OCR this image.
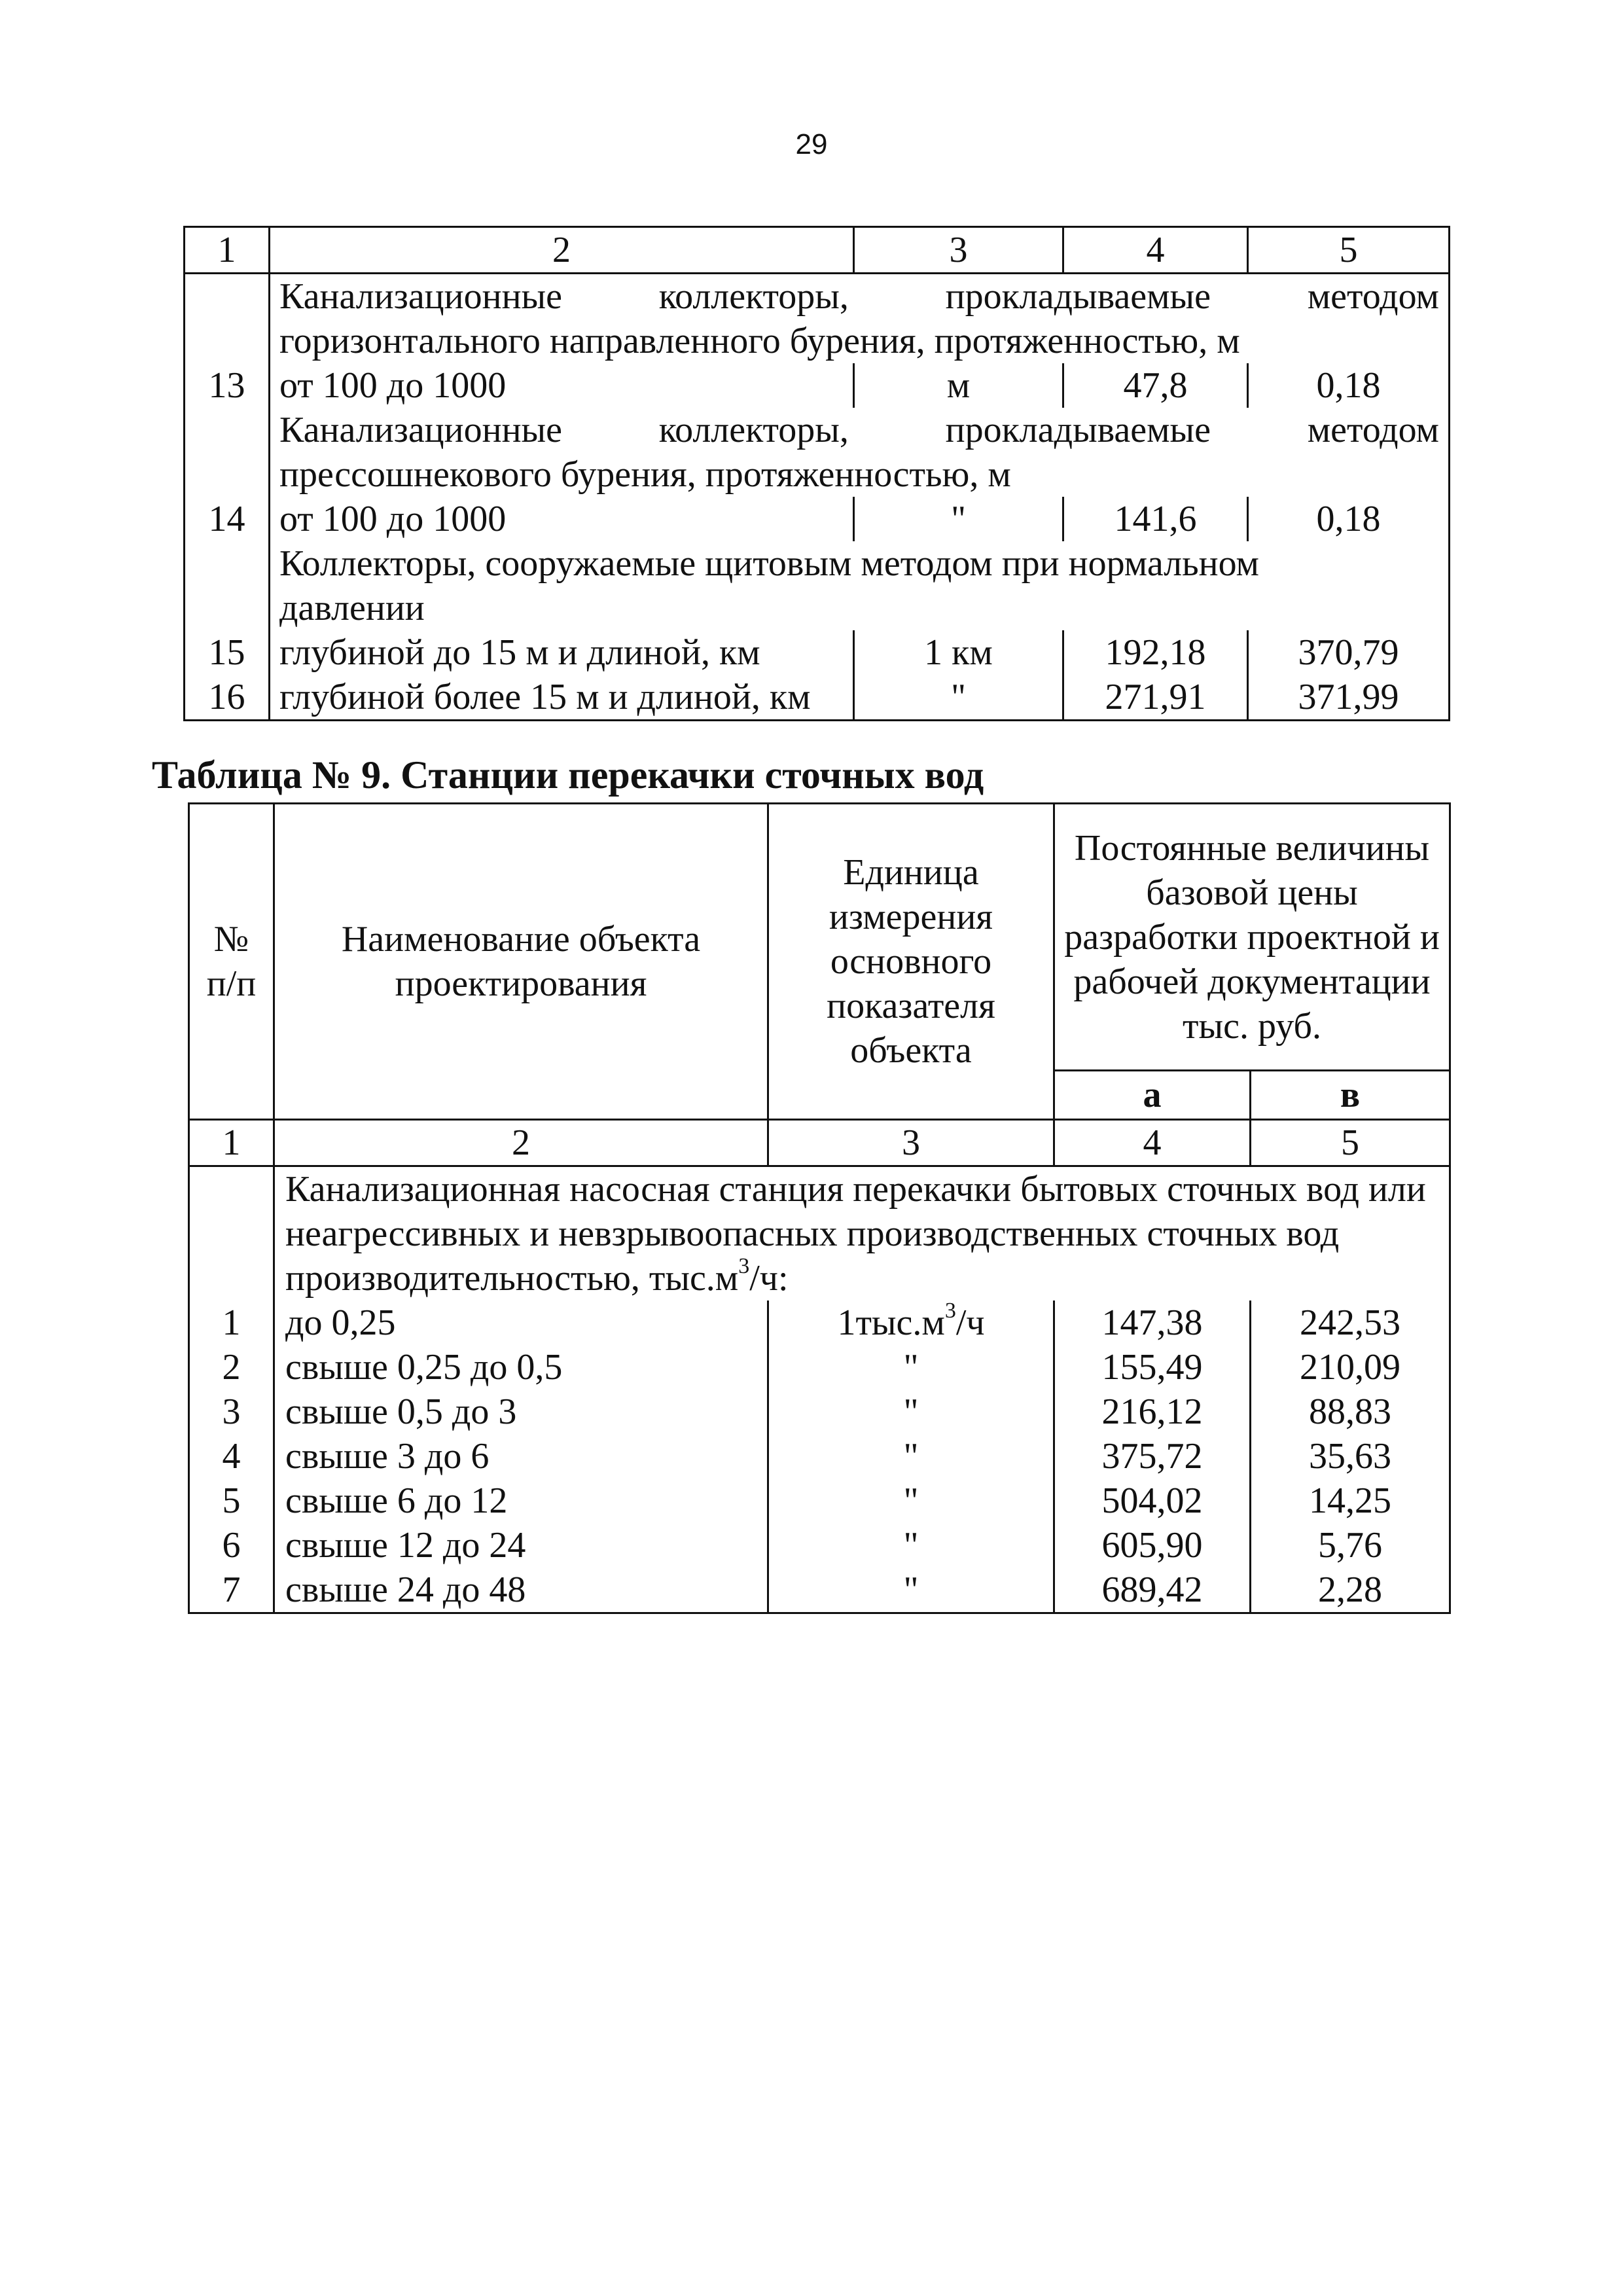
29
1	2	3	4	5
	Канализационные коллекторы, прокладываемые методом			
	горизонтального направленного бурения, протяженностью, м			
13	от 100 до 1000	м	47,8	0,18
	Канализационные коллекторы, прокладываемые методом			
	прессошнекового бурения, протяженностью, м			
14	от 100 до 1000	"	141,6	0,18
	Коллекторы, сооружаемые щитовым методом при нормальном			
	давлении			
15	глубиной до 15 м и длиной, км	1 км	192,18	370,79
16	глубиной более 15 м и длиной, км	"	271,91	371,99
Таблица № 9. Станции перекачки сточных вод
№ п/п	Наименование объекта проектирования	Единица измерения основного показателя объекта	Постоянные величины базовой цены разработки проектной и рабочей документации тыс. руб.	
			а	в
1	2	3	4	5
	Канализационная насосная станция перекачки бытовых сточных вод или неагрессивных и невзрывоопасных производственных сточных вод производительностью, $тыс.м^3/ч$:			
1	до 0,25	$1тыс.м^3/ч$	147,38	242,53
2	свыше 0,25 до 0,5	"	155,49	210,09
3	свыше 0,5 до 3	"	216,12	88,83
4	свыше 3 до 6	"	375,72	35,63
5	свыше 6 до 12	"	504,02	14,25
6	свыше 12 до 24	"	605,90	5,76
7	свыше 24 до 48	"	689,42	2,28
